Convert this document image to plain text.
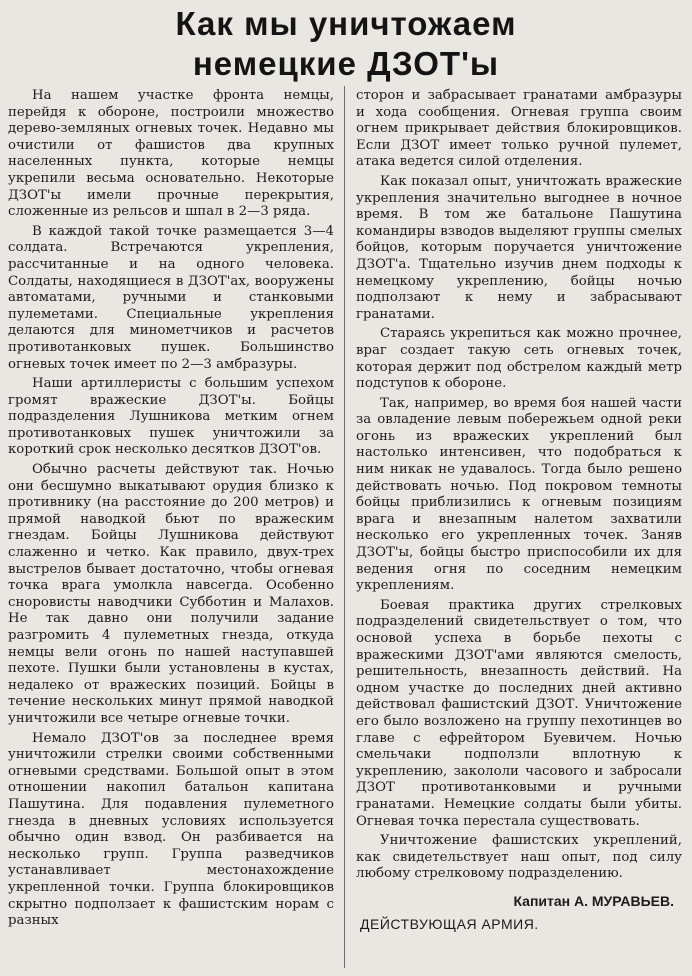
Как мы уничтожаем
немецкие ДЗОТ'ы

На нашем участке фронта немцы, перейдя к обороне, построили множество дерево-земляных огневых точек. Недавно мы очистили от фашистов два крупных населенных пункта, которые немцы укрепили весьма основательно. Некоторые ДЗОТ'ы имели прочные перекрытия, сложенные из рельсов и шпал в 2—3 ряда.

В каждой такой точке размещается 3—4 солдата. Встречаются укрепления, рассчитанные и на одного человека. Солдаты, находящиеся в ДЗОТ'ах, вооружены автоматами, ручными и станковыми пулеметами. Специальные укрепления делаются для минометчиков и расчетов противотанковых пушек. Большинство огневых точек имеет по 2—3 амбразуры.

Наши артиллеристы с большим успехом громят вражеские ДЗОТ'ы. Бойцы подразделения Лушникова метким огнем противотанковых пушек уничтожили за короткий срок несколько десятков ДЗОТ'ов.

Обычно расчеты действуют так. Ночью они бесшумно выкатывают орудия близко к противнику (на расстояние до 200 метров) и прямой наводкой бьют по вражеским гнездам. Бойцы Лушникова действуют слаженно и четко. Как правило, двух-трех выстрелов бывает достаточно, чтобы огневая точка врага умолкла навсегда. Особенно сноровисты наводчики Субботин и Малахов. Не так давно они получили задание разгромить 4 пулеметных гнезда, откуда немцы вели огонь по нашей наступавшей пехоте. Пушки были установлены в кустах, недалеко от вражеских позиций. Бойцы в течение нескольких минут прямой наводкой уничтожили все четыре огневые точки.

Немало ДЗОТ'ов за последнее время уничтожили стрелки своими собственными огневыми средствами. Большой опыт в этом отношении накопил батальон капитана Пашутина. Для подавления пулеметного гнезда в дневных условиях используется обычно один взвод. Он разбивается на несколько групп. Группа разведчиков устанавливает местонахождение укрепленной точки. Группа блокировщиков скрытно подползает к фашистским норам с разных

сторон и забрасывает гранатами амбразуры и хода сообщения. Огневая группа своим огнем прикрывает действия блокировщиков. Если ДЗОТ имеет только ручной пулемет, атака ведется силой отделения.

Как показал опыт, уничтожать вражеские укрепления значительно выгоднее в ночное время. В том же батальоне Пашутина командиры взводов выделяют группы смелых бойцов, которым поручается уничтожение ДЗОТ'а. Тщательно изучив днем подходы к немецкому укреплению, бойцы ночью подползают к нему и забрасывают гранатами.

Стараясь укрепиться как можно прочнее, враг создает такую сеть огневых точек, которая держит под обстрелом каждый метр подступов к обороне.

Так, например, во время боя нашей части за овладение левым побережьем одной реки огонь из вражеских укреплений был настолько интенсивен, что подобраться к ним никак не удавалось. Тогда было решено действовать ночью. Под покровом темноты бойцы приблизились к огневым позициям врага и внезапным налетом захватили несколько его укрепленных точек. Заняв ДЗОТ'ы, бойцы быстро приспособили их для ведения огня по соседним немецким укреплениям.

Боевая практика других стрелковых подразделений свидетельствует о том, что основой успеха в борьбе пехоты с вражескими ДЗОТ'ами являются смелость, решительность, внезапность действий. На одном участке до последних дней активно действовал фашистский ДЗОТ. Уничтожение его было возложено на группу пехотинцев во главе с ефрейтором Буевичем. Ночью смельчаки подползли вплотную к укреплению, закололи часового и забросали ДЗОТ противотанковыми и ручными гранатами. Немецкие солдаты были убиты. Огневая точка перестала существовать.

Уничтожение фашистских укреплений, как свидетельствует наш опыт, под силу любому стрелковому подразделению.

Капитан А. МУРАВЬЕВ.
ДЕЙСТВУЮЩАЯ АРМИЯ.
